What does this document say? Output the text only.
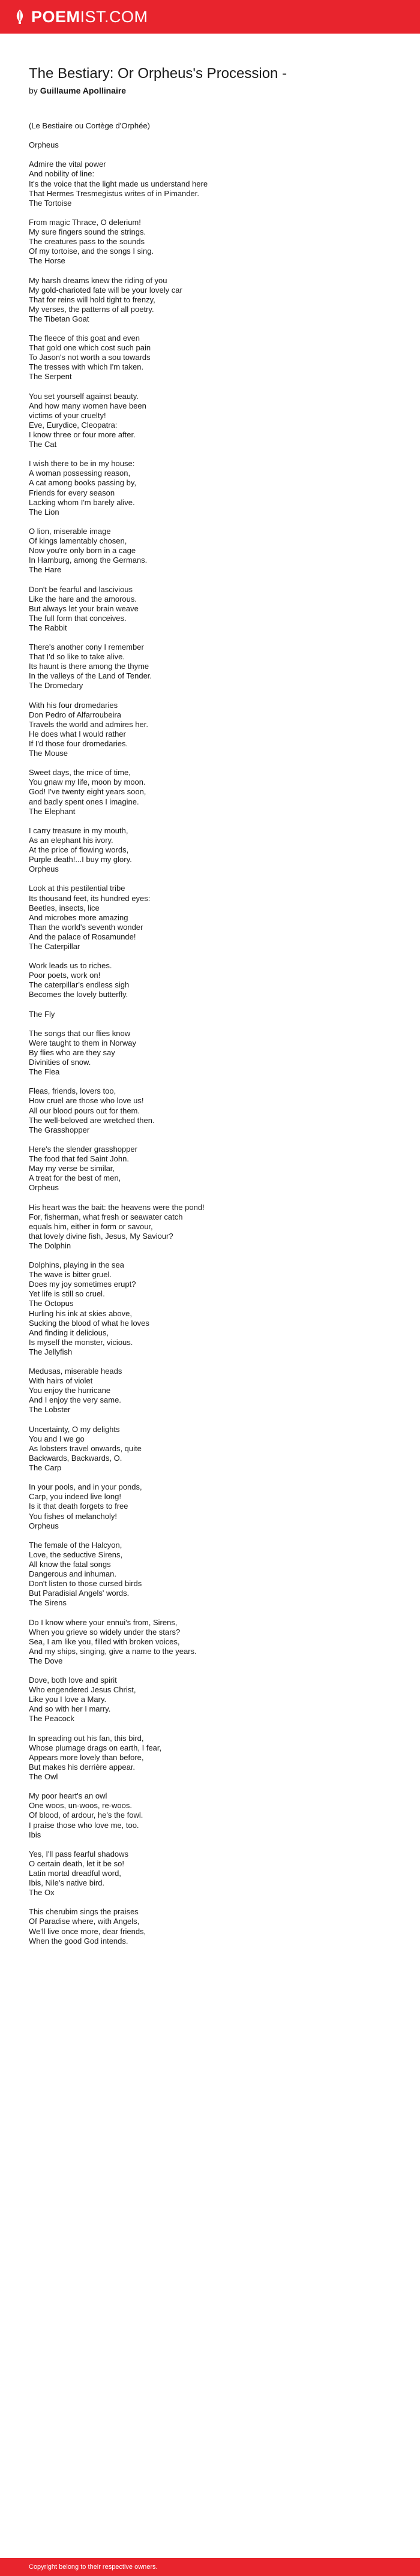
POEMIST.COM
The Bestiary: Or Orpheus's Procession -
by Guillaume Apollinaire
(Le Bestiaire ou Cortège d'Orphée)
Orpheus
Admire the vital power
And nobility of line:
It's the voice that the light made us understand here
That Hermes Tresmegistus writes of in Pimander.
The Tortoise
From magic Thrace, O delerium!
My sure fingers sound the strings.
The creatures pass to the sounds
Of my tortoise, and the songs I sing.
The Horse
My harsh dreams knew the riding of you
My gold-charioted fate will be your lovely car
That for reins will hold tight to frenzy,
My verses, the patterns of all poetry.
The Tibetan Goat
The fleece of this goat and even
That gold one which cost such pain
To Jason's not worth a sou towards
The tresses with which I'm taken.
The Serpent
You set yourself against beauty.
And how many women have been
victims of your cruelty!
Eve, Eurydice, Cleopatra:
I know three or four more after.
The Cat
I wish there to be in my house:
A woman possessing reason,
A cat among books passing by,
Friends for every season
Lacking whom I'm barely alive.
The Lion
O lion, miserable image
Of kings lamentably chosen,
Now you're only born in a cage
In Hamburg, among the Germans.
The Hare
Don't be fearful and lascivious
Like the hare and the amorous.
But always let your brain weave
The full form that conceives.
The Rabbit
There's another cony I remember
That I'd so like to take alive.
Its haunt is there among the thyme
In the valleys of the Land of Tender.
The Dromedary
With his four dromedaries
Don Pedro of Alfarroubeira
Travels the world and admires her.
He does what I would rather
If I'd those four dromedaries.
The Mouse
Sweet days, the mice of time,
You gnaw my life, moon by moon.
God! I've twenty eight years soon,
and badly spent ones I imagine.
The Elephant
I carry treasure in my mouth,
As an elephant his ivory.
At the price of flowing words,
Purple death!...I buy my glory.
Orpheus
Look at this pestilential tribe
Its thousand feet, its hundred eyes:
Beetles, insects, lice
And microbes more amazing
Than the world's seventh wonder
And the palace of Rosamunde!
The Caterpillar
Work leads us to riches.
Poor poets, work on!
The caterpillar's endless sigh
Becomes the lovely butterfly.
The Fly
The songs that our flies know
Were taught to them in Norway
By flies who are they say
Divinities of snow.
The Flea
Fleas, friends, lovers too,
How cruel are those who love us!
All our blood pours out for them.
The well-beloved are wretched then.
The Grasshopper
Here's the slender grasshopper
The food that fed Saint John.
May my verse be similar,
A treat for the best of men,
Orpheus
His heart was the bait: the heavens were the pond!
For, fisherman, what fresh or seawater catch
equals him, either in form or savour,
that lovely divine fish, Jesus, My Saviour?
The Dolphin
Dolphins, playing in the sea
The wave is bitter gruel.
Does my joy sometimes erupt?
Yet life is still so cruel.
The Octopus
Hurling his ink at skies above,
Sucking the blood of what he loves
And finding it delicious,
Is myself the monster, vicious.
The Jellyfish
Medusas, miserable heads
With hairs of violet
You enjoy the hurricane
And I enjoy the very same.
The Lobster
Uncertainty, O my delights
You and I we go
As lobsters travel onwards, quite
Backwards, Backwards, O.
The Carp
In your pools, and in your ponds,
Carp, you indeed live long!
Is it that death forgets to free
You fishes of melancholy!
Orpheus
The female of the Halcyon,
Love, the seductive Sirens,
All know the fatal songs
Dangerous and inhuman.
Don't listen to those cursed birds
But Paradisial Angels' words.
The Sirens
Do I know where your ennui's from, Sirens,
When you grieve so widely under the stars?
Sea, I am like you, filled with broken voices,
And my ships, singing, give a name to the years.
The Dove
Dove, both love and spirit
Who engendered Jesus Christ,
Like you I love a Mary.
And so with her I marry.
The Peacock
In spreading out his fan, this bird,
Whose plumage drags on earth, I fear,
Appears more lovely than before,
But makes his derrière appear.
The Owl
My poor heart's an owl
One woos, un-woos, re-woos.
Of blood, of ardour, he's the fowl.
I praise those who love me, too.
Ibis
Yes, I'll pass fearful shadows
O certain death, let it be so!
Latin mortal dreadful word,
Ibis, Nile's native bird.
The Ox
This cherubim sings the praises
Of Paradise where, with Angels,
We'll live once more, dear friends,
When the good God intends.
Copyright belong to their respective owners.
